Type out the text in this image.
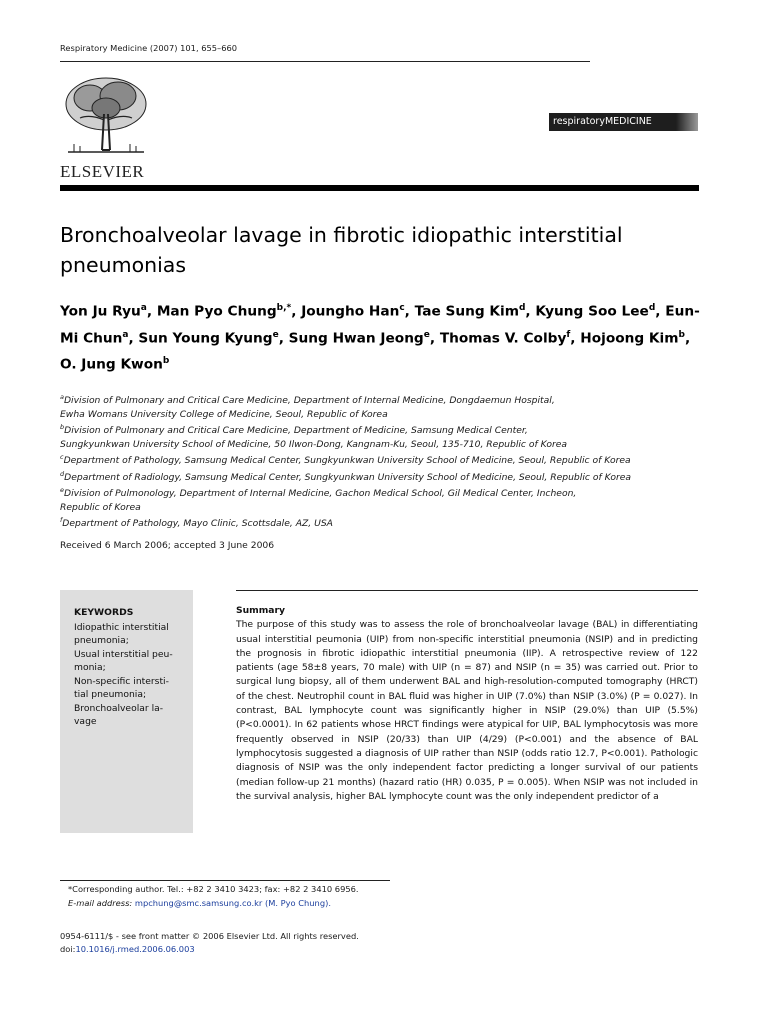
Respiratory Medicine (2007) 101, 655–660
ELSEVIER
respiratoryMEDICINE
Bronchoalveolar lavage in fibrotic idiopathic interstitial pneumonias
Yon Ju Ryu$^a$, Man Pyo Chung$^{b,*}$, Joungho Han$^c$, Tae Sung Kim$^d$, Kyung Soo Lee$^d$, Eun-Mi Chun$^a$, Sun Young Kyung$^e$, Sung Hwan Jeong$^e$, Thomas V. Colby$^f$, Hojoong Kim$^b$, O. Jung Kwon$^b$

$^a$Division of Pulmonary and Critical Care Medicine, Department of Internal Medicine, Dongdaemun Hospital,

Ewha Womans University College of Medicine, Seoul, Republic of Korea

$^b$Division of Pulmonary and Critical Care Medicine, Department of Medicine, Samsung Medical Center,

Sungkyunkwan University School of Medicine, 50 Ilwon-Dong, Kangnam-Ku, Seoul, 135-710, Republic of Korea

$^c$Department of Pathology, Samsung Medical Center, Sungkyunkwan University School of Medicine, Seoul, Republic of Korea

$^d$Department of Radiology, Samsung Medical Center, Sungkyunkwan University School of Medicine, Seoul, Republic of Korea

$^e$Division of Pulmonology, Department of Internal Medicine, Gachon Medical School, Gil Medical Center, Incheon,

Republic of Korea

$^f$Department of Pathology, Mayo Clinic, Scottsdale, AZ, USA

Received 6 March 2006; accepted 3 June 2006
KEYWORDS
Idiopathic interstitial
pneumonia;
Usual interstitial peu-
monia;
Non-specific intersti-
tial pneumonia;
Bronchoalveolar la-
vage
Summary

The purpose of this study was to assess the role of bronchoalveolar lavage (BAL) in differentiating usual interstitial peumonia (UIP) from non-specific interstitial pneumonia (NSIP) and in predicting the prognosis in fibrotic idiopathic interstitial pneumonia (IIP). A retrospective review of 122 patients (age 58±8 years, 70 male) with UIP (n = 87) and NSIP (n = 35) was carried out. Prior to surgical lung biopsy, all of them underwent BAL and high-resolution-computed tomography (HRCT) of the chest. Neutrophil count in BAL fluid was higher in UIP (7.0%) than NSIP (3.0%) (P = 0.027). In contrast, BAL lymphocyte count was significantly higher in NSIP (29.0%) than UIP (5.5%) (P<0.0001). In 62 patients whose HRCT findings were atypical for UIP, BAL lymphocytosis was more frequently observed in NSIP (20/33) than UIP (4/29) (P<0.001) and the absence of BAL lymphocytosis suggested a diagnosis of UIP rather than NSIP (odds ratio 12.7, P<0.001). Pathologic diagnosis of NSIP was the only independent factor predicting a longer survival of our patients (median follow-up 21 months) (hazard ratio (HR) 0.035, P = 0.005). When NSIP was not included in the survival analysis, higher BAL lymphocyte count was the only independent predictor of a

*Corresponding author. Tel.: +82 2 3410 3423; fax: +82 2 3410 6956.
E-mail address: mpchung@smc.samsung.co.kr (M. Pyo Chung).
0954-6111/$ - see front matter © 2006 Elsevier Ltd. All rights reserved.
doi:10.1016/j.rmed.2006.06.003
